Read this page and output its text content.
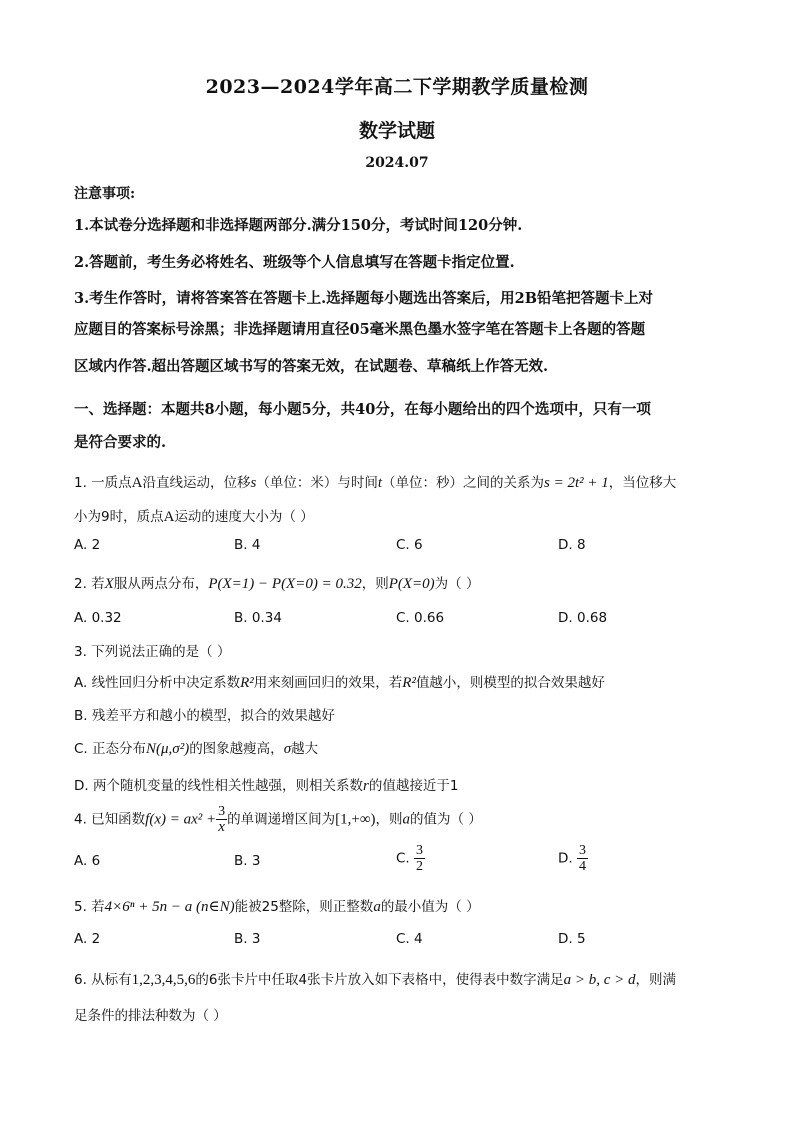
2023—2024学年高二下学期教学质量检测
数学试题
2024.07
注意事项:
1.本试卷分选择题和非选择题两部分.满分150分，考试时间120分钟.
2.答题前，考生务必将姓名、班级等个人信息填写在答题卡指定位置.
3.考生作答时，请将答案答在答题卡上.选择题每小题选出答案后，用2B铅笔把答题卡上对
应题目的答案标号涂黑；非选择题请用直径05毫米黑色墨水签字笔在答题卡上各题的答题
区域内作答.超出答题区域书写的答案无效，在试题卷、草稿纸上作答无效.
一、选择题：本题共8小题，每小题5分，共40分，在每小题给出的四个选项中，只有一项
是符合要求的.
1. 一质点A沿直线运动，位移s（单位：米）与时间t（单位：秒）之间的关系为s = 2t² + 1，当位移大
小为9时，质点A运动的速度大小为（ ）
A. 2	B. 4	C. 6	D. 8
2. 若X服从两点分布，P(X=1) − P(X=0) = 0.32，则P(X=0)为（ ）
A. 0.32	B. 0.34	C. 0.66	D. 0.68
3. 下列说法正确的是（ ）
A. 线性回归分析中决定系数R²用来刻画回归的效果，若R²值越小，则模型的拟合效果越好
B. 残差平方和越小的模型，拟合的效果越好
C. 正态分布N(μ,σ²)的图象越瘦高，σ越大
D. 两个随机变量的线性相关性越强，则相关系数r的值越接近于1
4. 已知函数$f(x) = ax^2 + \frac{3}{x}$ 的单调递增区间为[1,+∞)，则a的值为（ ）
A. 6	B. 3	C. $\frac{3}{2}$	D. $\frac{3}{4}$
5. 若4×6ⁿ + 5n − a (n∈N)能被25整除，则正整数a的最小值为（ ）
A. 2	B. 3	C. 4	D. 5
6. 从标有1,2,3,4,5,6的6张卡片中任取4张卡片放入如下表格中，使得表中数字满足a > b, c > d，则满
足条件的排法种数为（ ）
